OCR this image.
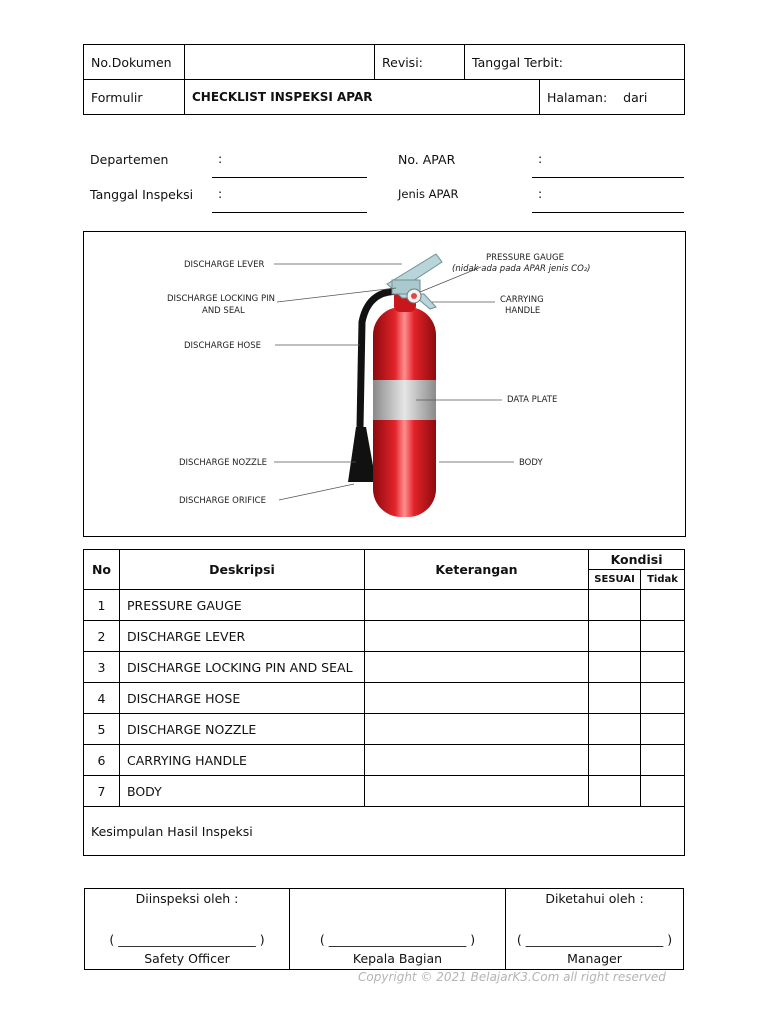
No.Dokumen		Revisi:	Tanggal Terbit:	
Formulir	CHECKLIST INSPEKSI APAR			Halaman: dari
Departemen	:
Tanggal Inspeksi :
No. APAR	:
Jenis APAR	:
DISCHARGE LEVER
DISCHARGE LOCKING PIN
AND SEAL
DISCHARGE HOSE
DISCHARGE NOZZLE
DISCHARGE ORIFICE
PRESSURE GAUGE
(nidak ada pada APAR jenis CO₂)
CARRYING
HANDLE
DATA PLATE
BODY
No	Deskripsi	Keterangan	Kondisi	
			SESUAI	Tidak
1	PRESSURE GAUGE			
2	DISCHARGE LEVER			
3	DISCHARGE LOCKING PIN AND SEAL			
4	DISCHARGE HOSE			
5	DISCHARGE NOZZLE			
6	CARRYING HANDLE			
7	BODY			
Kesimpulan Hasil Inspeksi				
Diinspeksi oleh :
( ______________________ )
Safety Officer

( ______________________ )
Kepala Bagian

Diketahui oleh :
( ______________________ )
Manager
Copyright © 2021 BelajarK3.Com all right reserved
